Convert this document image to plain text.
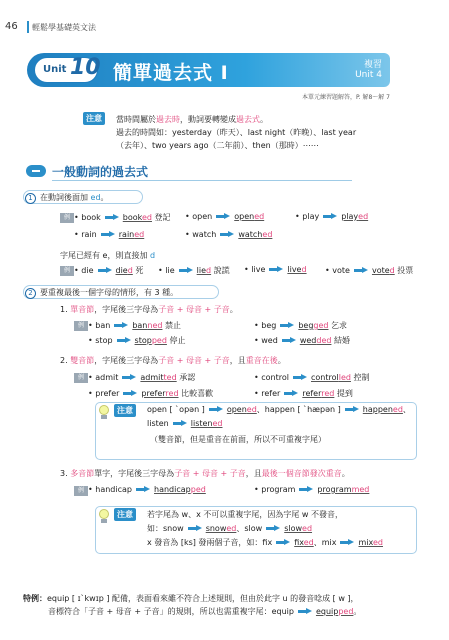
46 輕鬆學基礎英文法
Unit 10 簡單過去式 I	複習
Unit 4
本單元練習題解答，P. 解8～解 7
注意	當時間屬於過去時，動詞要轉變成過去式。
過去的時間如：yesterday（昨天）、last night（昨晚）、last year
（去年）、two years ago（二年前）、then（那時）⋯⋯
一般動詞的過去式
1 在動詞後面加 ed。
例 • book	booked 登記 • open	opened	• play	played
• rain	rained	• watch	watched
字尾已經有 e，則直接加 d
例 • die	died 死 • lie	lied 說謊 • live	lived • vote	voted 投票
2 要重複最後一個字母的情形，有 3 種。
1. 單音節，字尾後三字母為子音 + 母音 + 子音。
例 • ban	banned 禁止	• beg	begged 乞求
• stop	stopped 停止	• wed	wedded 結婚
2. 雙音節，字尾後三字母為子音 + 母音 + 子音，且重音在後。
例 • admit	admitted 承認	• control	controlled 控制
• prefer	preferred 比較喜歡	• refer	referred 提到
注意	open [ ˋopən ]	opened、happen [ ˋhæpən ]	happened、
listen	listened
（雙音節，但是重音在前面，所以不可重複字尾）
3. 多音節單字，字尾後三字母為子音 + 母音 + 子音，且最後一個音節發次重音。
例 • handicap	handicapped	• program	programmed
注意	若字尾為 w、x 不可以重複字尾，因為字尾 w 不發音，
如：snow	snowed、slow	slowed
x 發音為 [ks] 發兩個子音，如：fix	fixed、mix	mixed
特例：equip [ ɪˋkwɪp ] 配備，表面看來雖不符合上述規則，但由於此字 u 的發音唸成 [ w ]，
音標符合「子音 + 母音 + 子音」的規則，所以也需重複字尾：equip	equipped。
